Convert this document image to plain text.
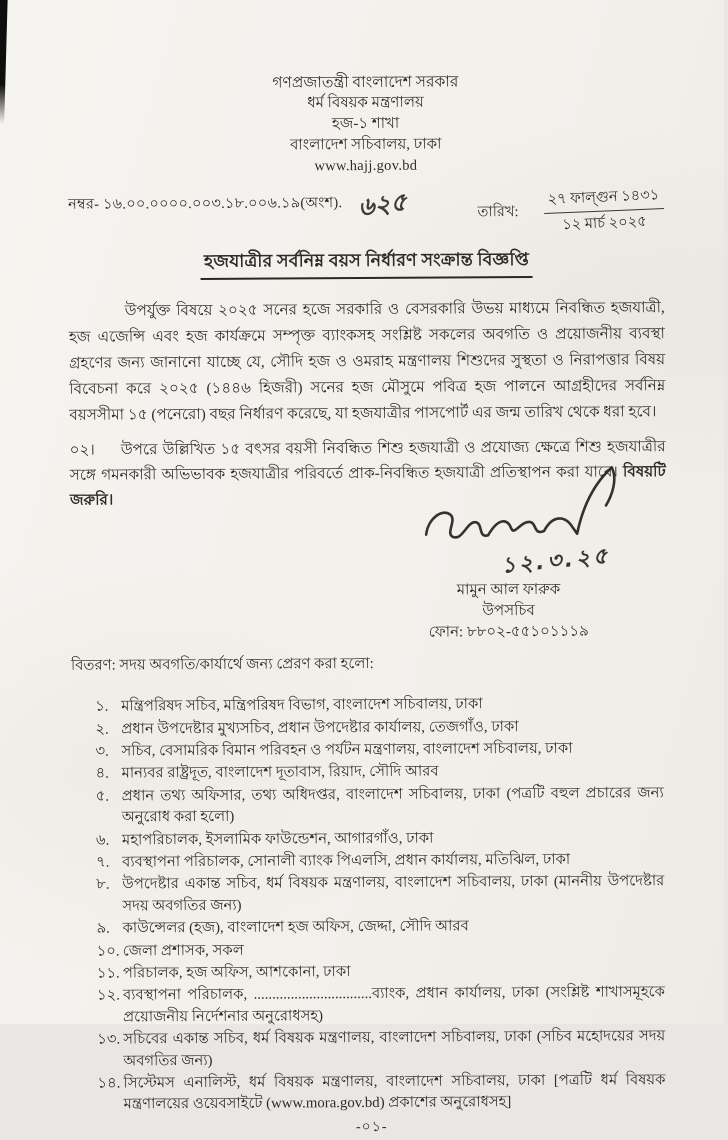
গণপ্রজাতন্ত্রী বাংলাদেশ সরকার
ধর্ম বিষয়ক মন্ত্রণালয়
হজ-১ শাখা
বাংলাদেশ সচিবালয়, ঢাকা
www.hajj.gov.bd
নম্বর- ১৬.০০.০০০০.০০৩.১৮.০০৬.১৯(অংশ). ৬২৫	তারিখ:
২৭ ফাল্গুন ১৪৩১
১২ মার্চ ২০২৫
হজযাত্রীর সর্বনিম্ন বয়স নির্ধারণ সংক্রান্ত বিজ্ঞপ্তি

উপর্যুক্ত বিষয়ে ২০২৫ সনের হজে সরকারি ও বেসরকারি উভয় মাধ্যমে নিবন্ধিত হজযাত্রী, হজ এজেন্সি এবং হজ কার্যক্রমে সম্পৃক্ত ব্যাংকসহ সংশ্লিষ্ট সকলের অবগতি ও প্রয়োজনীয় ব্যবস্থা গ্রহণের জন্য জানানো যাচ্ছে যে, সৌদি হজ ও ওমরাহ মন্ত্রণালয় শিশুদের সুস্থতা ও নিরাপত্তার বিষয় বিবেচনা করে ২০২৫ (১৪৪৬ হিজরী) সনের হজ মৌসুমে পবিত্র হজ পালনে আগ্রহীদের সর্বনিম্ন বয়সসীমা ১৫ (পনেরো) বছর নির্ধারণ করেছে, যা হজযাত্রীর পাসপোর্ট এর জন্ম তারিখ থেকে ধরা হবে।

০২। উপরে উল্লিখিত ১৫ বৎসর বয়সী নিবন্ধিত শিশু হজযাত্রী ও প্রযোজ্য ক্ষেত্রে শিশু হজযাত্রীর সঙ্গে গমনকারী অভিভাবক হজযাত্রীর পরিবর্তে প্রাক-নিবন্ধিত হজযাত্রী প্রতিস্থাপন করা যাবে। বিষয়টি জরুরি।

১২.৩.২৫
মামুন আল ফারুক
উপসচিব
ফোন: ৮৮০২-৫৫১০১১১৯
বিতরণ: সদয় অবগতি/কার্যার্থে জন্য প্রেরণ করা হলো:
১. মন্ত্রিপরিষদ সচিব, মন্ত্রিপরিষদ বিভাগ, বাংলাদেশ সচিবালয়, ঢাকা
২. প্রধান উপদেষ্টার মুখ্যসচিব, প্রধান উপদেষ্টার কার্যালয়, তেজগাঁও, ঢাকা
৩. সচিব, বেসামরিক বিমান পরিবহন ও পর্যটন মন্ত্রণালয়, বাংলাদেশ সচিবালয়, ঢাকা
৪. মান্যবর রাষ্ট্রদূত, বাংলাদেশ দূতাবাস, রিয়াদ, সৌদি আরব
৫. প্রধান তথ্য অফিসার, তথ্য অধিদপ্তর, বাংলাদেশ সচিবালয়, ঢাকা (পত্রটি বহুল প্রচারের জন্য অনুরোধ করা হলো)
৬. মহাপরিচালক, ইসলামিক ফাউন্ডেশন, আগারগাঁও, ঢাকা
৭. ব্যবস্থাপনা পরিচালক, সোনালী ব্যাংক পিএলসি, প্রধান কার্যালয়, মতিঝিল, ঢাকা
৮. উপদেষ্টার একান্ত সচিব, ধর্ম বিষয়ক মন্ত্রণালয়, বাংলাদেশ সচিবালয়, ঢাকা (মাননীয় উপদেষ্টার সদয় অবগতির জন্য)
৯. কাউন্সেলর (হজ), বাংলাদেশ হজ অফিস, জেদ্দা, সৌদি আরব
১০. জেলা প্রশাসক, সকল
১১. পরিচালক, হজ অফিস, আশকোনা, ঢাকা
১২. ব্যবস্থাপনা পরিচালক, ................................ব্যাংক, প্রধান কার্যালয়, ঢাকা (সংশ্লিষ্ট শাখাসমূহকে প্রয়োজনীয় নির্দেশনার অনুরোধসহ)
১৩. সচিবের একান্ত সচিব, ধর্ম বিষয়ক মন্ত্রণালয়, বাংলাদেশ সচিবালয়, ঢাকা (সচিব মহোদয়ের সদয় অবগতির জন্য)
১৪. সিস্টেমস এনালিস্ট, ধর্ম বিষয়ক মন্ত্রণালয়, বাংলাদেশ সচিবালয়, ঢাকা [পত্রটি ধর্ম বিষয়ক মন্ত্রণালয়ের ওয়েবসাইটে (www.mora.gov.bd) প্রকাশের অনুরোধসহ]
-০১-
